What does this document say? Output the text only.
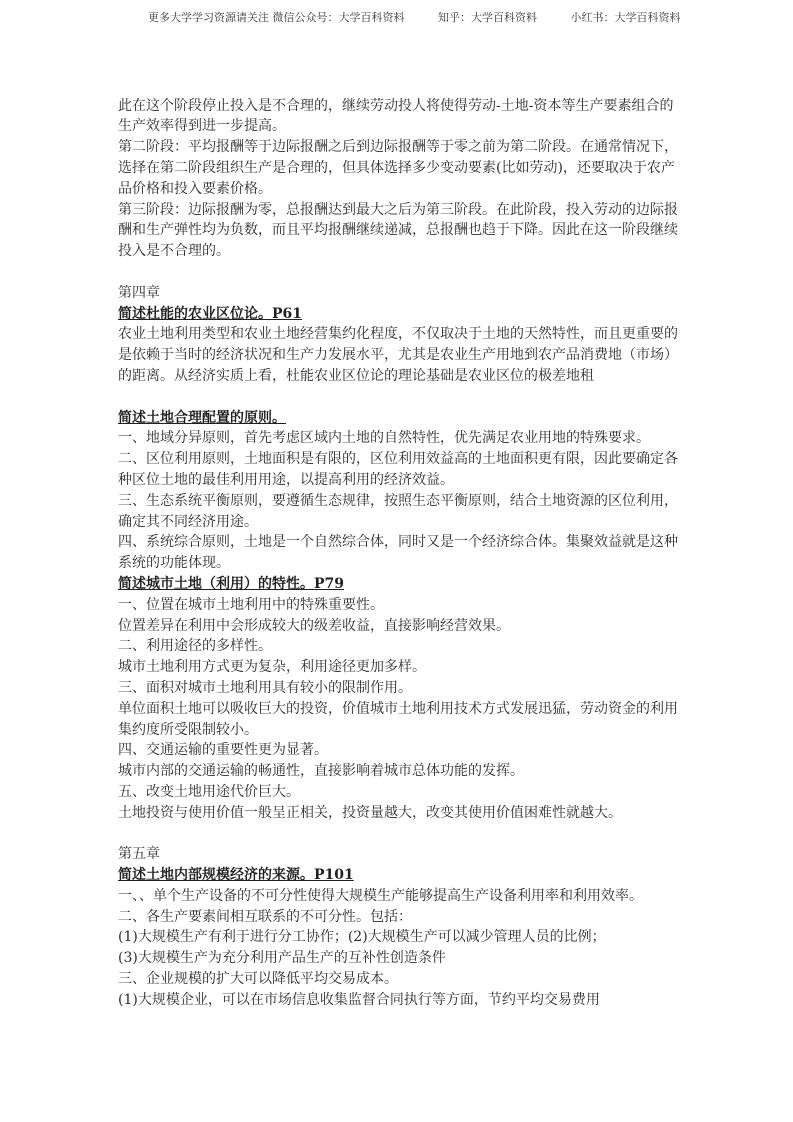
更多大学学习资源请关注 微信公众号：大学百科资料	知乎：大学百科资料	小红书：大学百科资料
此在这个阶段停止投入是不合理的，继续劳动投人将使得劳动-土地-资本等生产要素组合的
生产效率得到进一步提高。
第二阶段：平均报酬等于边际报酬之后到边际报酬等于零之前为第二阶段。在通常情况下，
选择在第二阶段组织生产是合理的，但具体选择多少变动要素(比如劳动)，还要取决于农产
品价格和投入要素价格。
第三阶段：边际报酬为零，总报酬达到最大之后为第三阶段。在此阶段，投入劳动的边际报
酬和生产弹性均为负数，而且平均报酬继续递减，总报酬也趋于下降。因此在这一阶段继续
投入是不合理的。
第四章
简述杜能的农业区位论。P61
农业土地利用类型和农业土地经营集约化程度，不仅取决于土地的天然特性，而且更重要的
是依赖于当时的经济状况和生产力发展水平，尤其是农业生产用地到农产品消费地（市场）
的距离。从经济实质上看，杜能农业区位论的理论基础是农业区位的极差地租
简述土地合理配置的原则。
一、地域分异原则，首先考虑区域内土地的自然特性，优先满足农业用地的特殊要求。
二、区位利用原则，土地面积是有限的，区位利用效益高的土地面积更有限，因此要确定各
种区位土地的最佳利用用途，以提高利用的经济效益。
三、生态系统平衡原则，要遵循生态规律，按照生态平衡原则，结合土地资源的区位利用，
确定其不同经济用途。
四、系统综合原则，土地是一个自然综合体，同时又是一个经济综合体。集聚效益就是这种
系统的功能体现。
简述城市土地（利用）的特性。P79
一、位置在城市土地利用中的特殊重要性。
位置差异在利用中会形成较大的级差收益，直接影响经营效果。
二、利用途径的多样性。
城市土地利用方式更为复杂，利用途径更加多样。
三、面积对城市土地利用具有较小的限制作用。
单位面积土地可以吸收巨大的投资，价值城市土地利用技术方式发展迅猛，劳动资金的利用
集约度所受限制较小。
四、交通运输的重要性更为显著。
城市内部的交通运输的畅通性，直接影响着城市总体功能的发挥。
五、改变土地用途代价巨大。
土地投资与使用价值一般呈正相关，投资量越大，改变其使用价值困难性就越大。
第五章
简述土地内部规模经济的来源。P101
一、、单个生产设备的不可分性使得大规模生产能够提高生产设备利用率和利用效率。
二、各生产要素间相互联系的不可分性。包括：
(1)大规模生产有利于进行分工协作；(2)大规模生产可以减少管理人员的比例；
(3)大规模生产为充分利用产品生产的互补性创造条件
三、企业规模的扩大可以降低平均交易成本。
(1)大规模企业，可以在市场信息收集监督合同执行等方面，节约平均交易费用
